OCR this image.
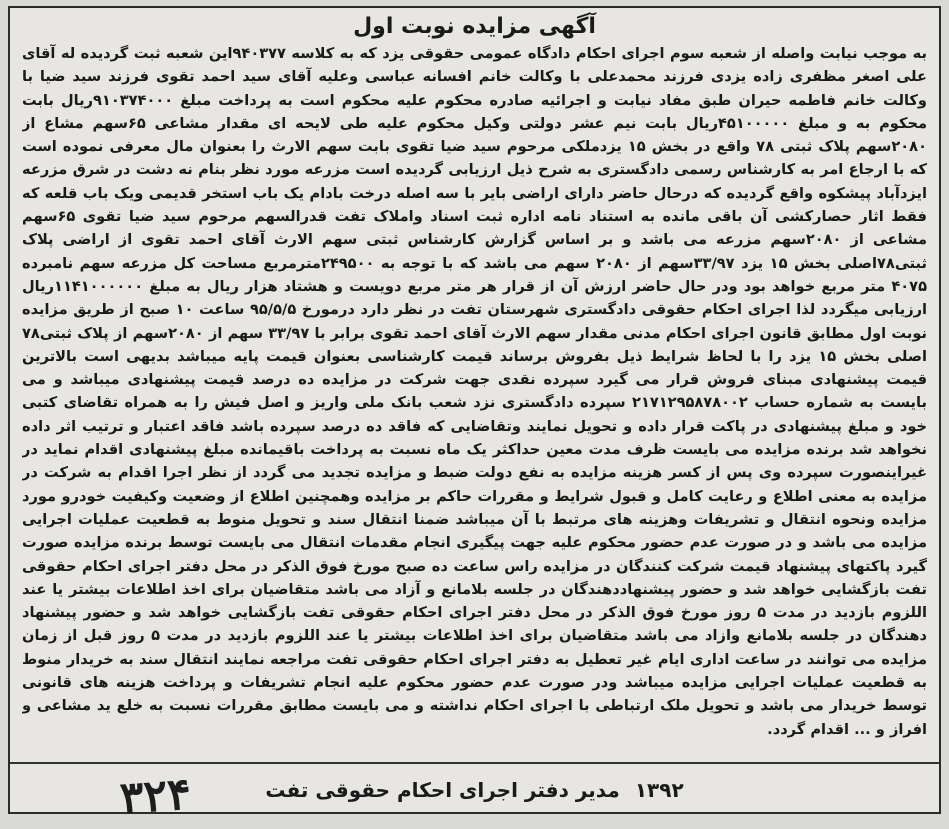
آگهی مزایده نوبت اول
به موجب نیابت واصله از شعبه سوم اجرای احکام دادگاه عمومی حقوقی یزد که به کلاسه ۹۴۰۳۷۷این شعبه ثبت گردیده له آقای علی اصغر مظفری زاده یزدی فرزند محمدعلی با وکالت خانم افسانه عباسی وعلیه آقای سید احمد تقوی فرزند سید ضیا با وکالت خانم فاطمه حیران طبق مفاد نیابت و اجرائیه صادره محکوم علیه محکوم است به پرداخت مبلغ ۹۱۰۳۷۴۰۰۰ریال بابت محکوم به و مبلغ ۴۵۱۰۰۰۰۰ریال بابت نیم عشر دولتی وکیل محکوم علیه طی لایحه ای مقدار مشاعی ۶۵سهم مشاع از ۲۰۸۰سهم پلاک ثبتی ۷۸ واقع در بخش ۱۵ یزدملکی مرحوم سید ضیا تقوی بابت سهم الارث را بعنوان مال معرفی نموده است که با ارجاع امر به کارشناس رسمی دادگستری به شرح ذیل ارزیابی گردیده است مزرعه مورد نظر بنام نه دشت در شرق مزرعه ایزدآباد پیشکوه واقع گردیده که درحال حاضر دارای اراضی بایر با سه اصله درخت بادام یک باب استخر قدیمی ویک باب قلعه که فقط اثار حصارکشی آن باقی مانده به استناد نامه اداره ثبت اسناد واملاک تفت قدرالسهم مرحوم سید ضیا تقوی ۶۵سهم مشاعی از ۲۰۸۰سهم مزرعه می باشد و بر اساس گزارش کارشناس ثبتی سهم الارث آقای احمد تقوی از اراضی پلاک ثبتی۷۸اصلی بخش ۱۵ یزد ۳۳/۹۷سهم از ۲۰۸۰ سهم می باشد که با توجه به ۲۴۹۵۰۰مترمربع مساحت کل مزرعه سهم نامبرده ۴۰۷۵ متر مربع خواهد بود ودر حال حاضر ارزش آن از قرار هر متر مربع دویست و هشتاد هزار ریال به مبلغ ۱۱۴۱۰۰۰۰۰۰ریال ارزیابی میگردد لذا اجرای احکام حقوقی دادگستری شهرستان تفت در نظر دارد درمورخ ۹۵/۵/۵ ساعت ۱۰ صبح از طریق مزایده نوبت اول مطابق قانون اجرای احکام مدنی مقدار سهم الارث آقای احمد تقوی برابر با ۳۳/۹۷ سهم از ۲۰۸۰سهم از پلاک ثبتی۷۸ اصلی بخش ۱۵ یزد را با لحاظ شرایط ذیل بفروش برساند قیمت کارشناسی بعنوان قیمت پایه میباشد بدیهی است بالاترین قیمت پیشنهادی مبنای فروش قرار می گیرد سپرده نقدی جهت شرکت در مزایده ده درصد قیمت پیشنهادی میباشد و می بایست به شماره حساب ۲۱۷۱۲۹۵۸۷۸۰۰۲ سپرده دادگستری نزد شعب بانک ملی واریز و اصل فیش را به همراه تقاضای کتبی خود و مبلغ پیشنهادی در پاکت قرار داده و تحویل نمایند وتقاضایی که فاقد ده درصد سپرده باشد فاقد اعتبار و ترتیب اثر داده نخواهد شد برنده مزایده می بایست ظرف مدت معین حداکثر یک ماه نسبت به پرداخت باقیمانده مبلغ پیشنهادی اقدام نماید در غیراینصورت سپرده وی پس از کسر هزینه مزایده به نفع دولت ضبط و مزایده تجدید می گردد از نظر اجرا اقدام به شرکت در مزایده به معنی اطلاع و رعایت کامل و قبول شرایط و مقررات حاکم بر مزایده وهمچنین اطلاع از وضعیت وکیفیت خودرو مورد مزایده ونحوه انتقال و تشریفات وهزینه های مرتبط با آن میباشد ضمنا انتقال سند و تحویل منوط به قطعیت عملیات اجرایی مزایده می باشد و در صورت عدم حضور محکوم علیه جهت پیگیری انجام مقدمات انتقال می بایست توسط برنده مزایده صورت گیرد پاکتهای پیشنهاد قیمت شرکت کنندگان در مزایده راس ساعت ده صبح مورخ فوق الذکر در محل دفتر اجرای احکام حقوقی تفت بازگشایی خواهد شد و حضور پیشنهاددهندگان در جلسه بلامانع و آزاد می باشد متقاضیان برای اخذ اطلاعات بیشتر یا عند اللزوم بازدید در مدت ۵ روز مورخ فوق الذکر در محل دفتر اجرای احکام حقوقی تفت بازگشایی خواهد شد و حضور پیشنهاد دهندگان در جلسه بلامانع وازاد می باشد متقاضیان برای اخذ اطلاعات بیشتر یا عند اللزوم بازدید در مدت ۵ روز قبل از زمان مزایده می توانند در ساعت اداری ایام غیر تعطیل به دفتر اجرای احکام حقوقی تفت مراجعه نمایند انتقال سند به خریدار منوط به قطعیت عملیات اجرایی مزایده میباشد ودر صورت عدم حضور محکوم علیه انجام تشریفات و پرداخت هزینه های قانونی توسط خریدار می باشد و تحویل ملک ارتباطی با اجرای احکام نداشته و می بایست مطابق مقررات نسبت به خلع ید مشاعی و افراز و ... اقدام گردد.
۱۳۹۲ مدیر دفتر اجرای احکام حقوقی تفت
۳۲۴
